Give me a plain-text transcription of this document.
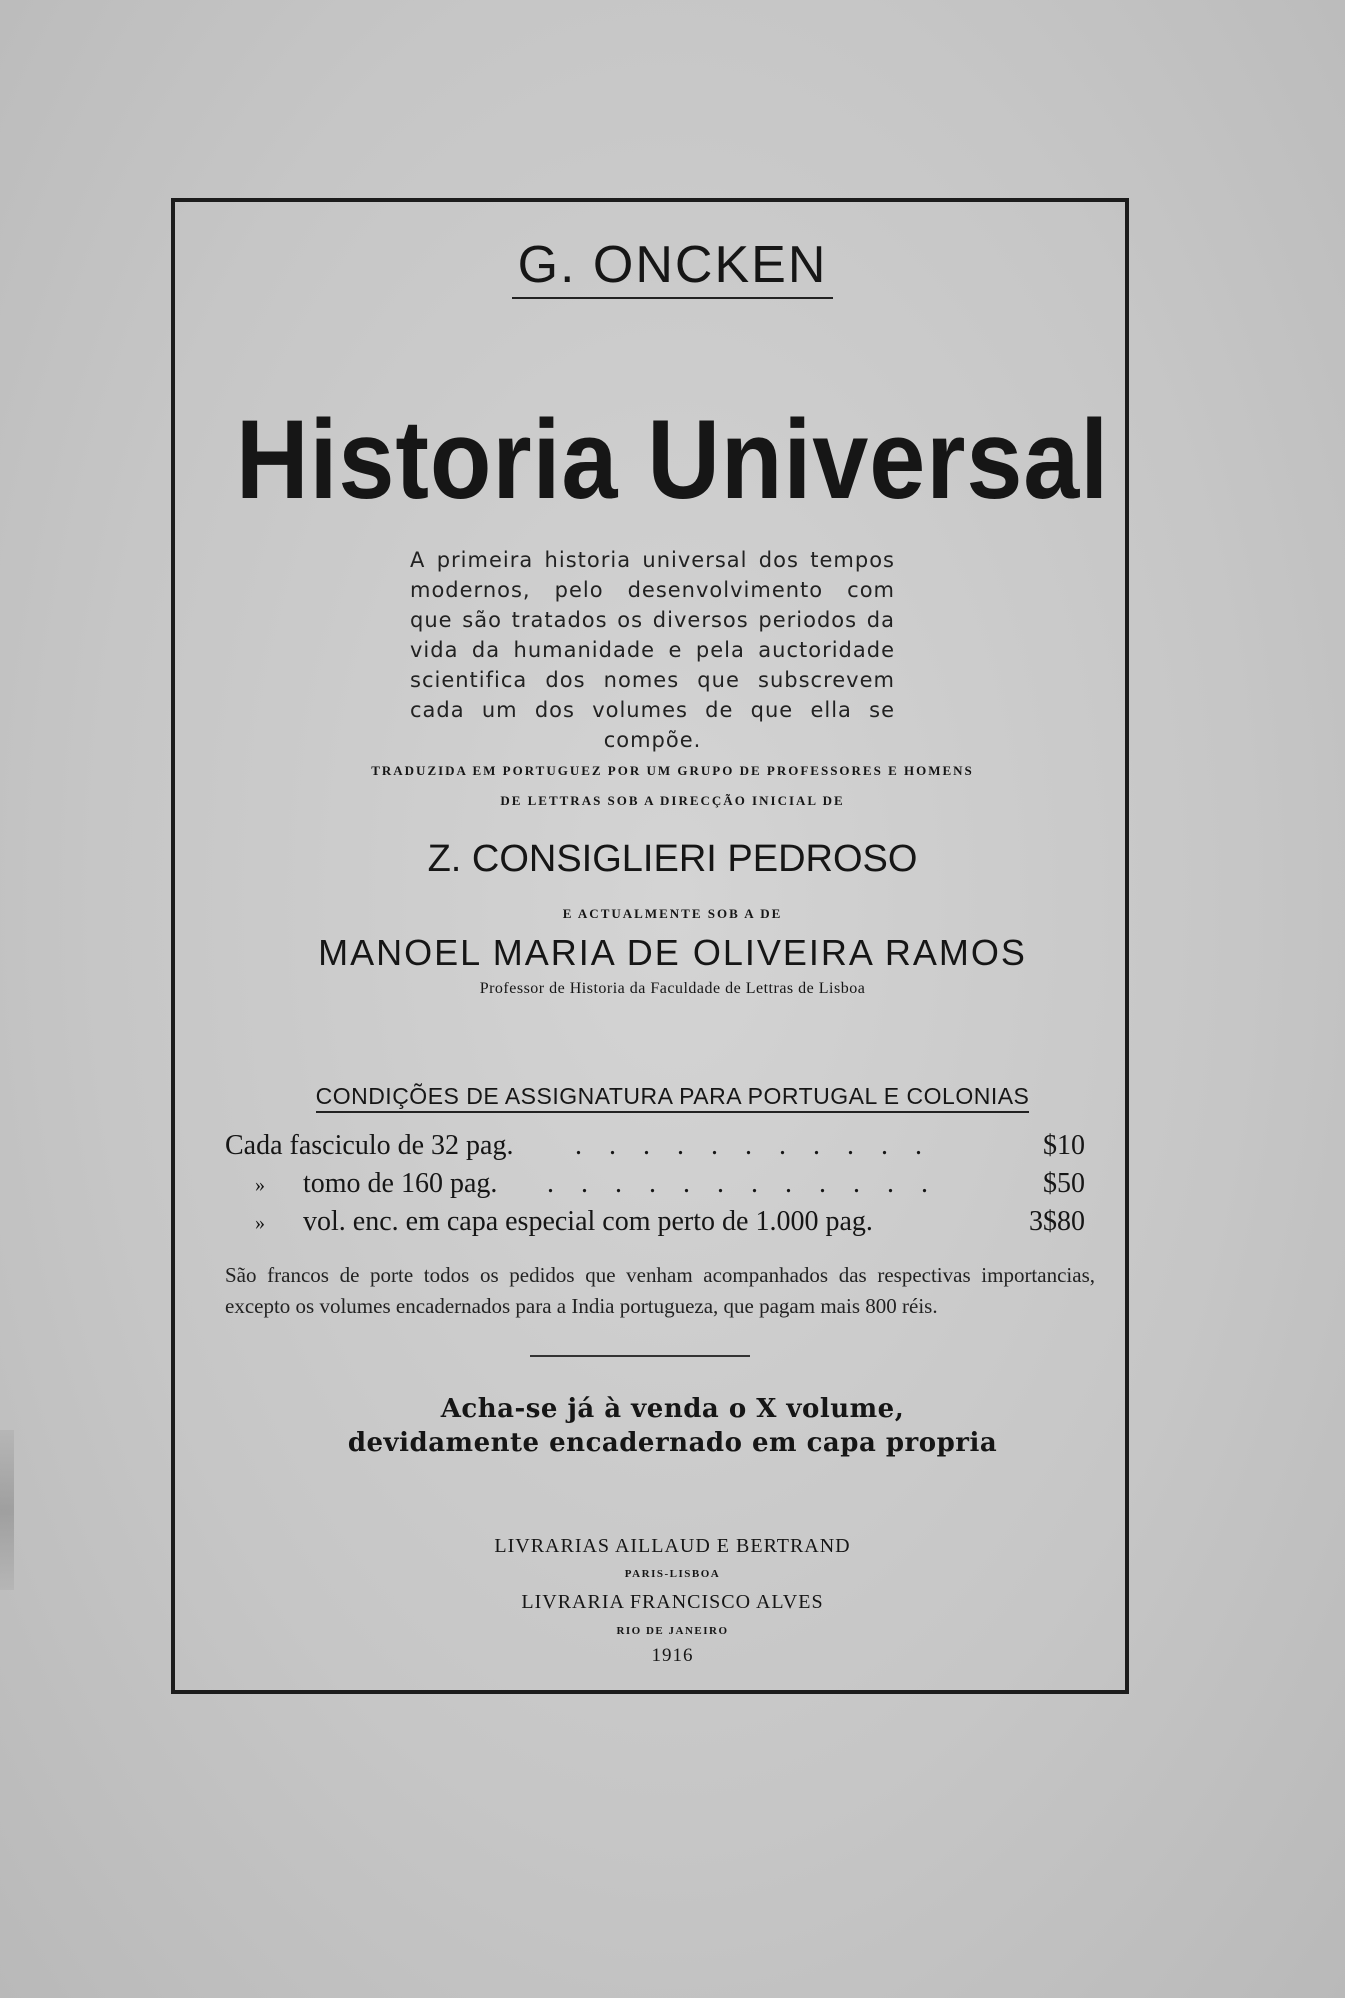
G. ONCKEN
Historia Universal
A primeira historia universal dos tempos modernos, pelo desenvolvimento com que são tratados os diversos periodos da vida da humanidade e pela auctoridade scientifica dos nomes que subscrevem cada um dos volumes de que ella se compõe.
TRADUZIDA EM PORTUGUEZ POR UM GRUPO DE PROFESSORES E HOMENS
DE LETTRAS SOB A DIRECÇÃO INICIAL DE
Z. CONSIGLIERI PEDROSO
E ACTUALMENTE SOB A DE
MANOEL MARIA DE OLIVEIRA RAMOS
Professor de Historia da Faculdade de Lettras de Lisboa
CONDIÇÕES DE ASSIGNATURA PARA PORTUGAL E COLONIAS
Cada fasciculo de 32 pag. . . . . . . . . . . .	$10
» tomo de 160 pag. . . . . . . . . . . . .	$50
» vol. enc. em capa especial com perto de 1.000 pag.	3$80
São francos de porte todos os pedidos que venham acompanhados das respectivas importancias, excepto os volumes encadernados para a India portugueza, que pagam mais 800 réis.
Acha-se já à venda o X volume,
devidamente encadernado em capa propria
LIVRARIAS AILLAUD E BERTRAND
PARIS-LISBOA
LIVRARIA FRANCISCO ALVES
RIO DE JANEIRO
1916
